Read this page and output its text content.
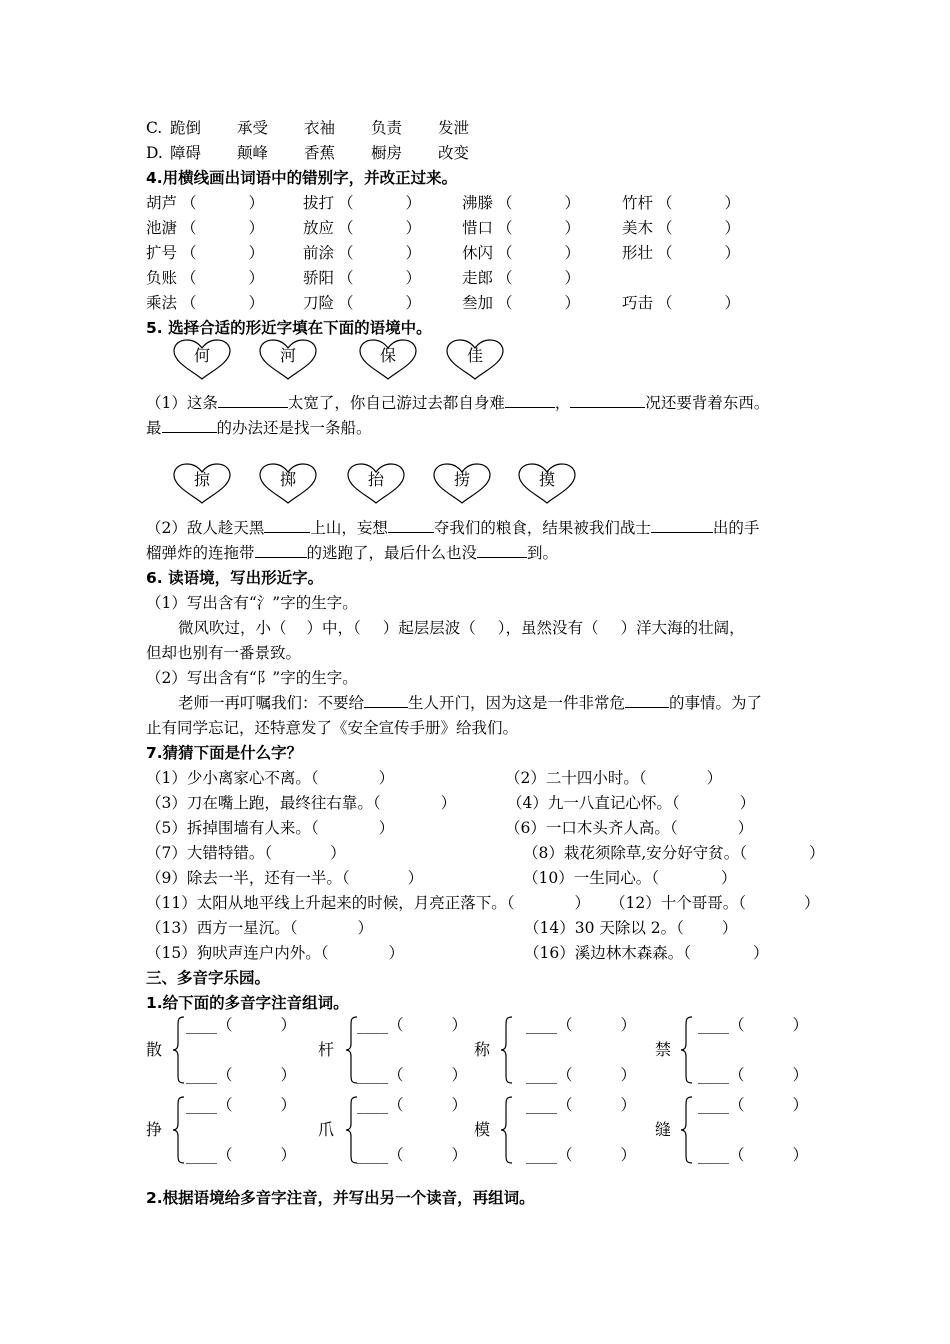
C. 跪倒 承受 衣袖 负责 发泄
D. 障碍 颠峰 香蕉 橱房 改变
4.用横线画出词语中的错别字，并改正过来。
胡芦 （	）	拔打 （	）	沸滕 （	）	竹杆 （	）
池溏 （	）	放应 （	）	惜口 （	）	美木 （	）
扩号 （	）	前涂 （	）	休闪 （	）	形壮 （	）
负账 （	）	骄阳 （	）	走郎 （	）
乘法 （	）	刀险 （	）	叁加 （	）	巧击 （	）
5. 选择合适的形近字填在下面的语境中。
何	河	保	佳
（1）这条	太宽了，你自己游过去都自身难	，	况还要背着东西。
最	的办法还是找一条船。
掠	掷	抬	捞	摸
（2）敌人趁天黑	上山，妄想	夺我们的粮食，结果被我们战士	出的手
榴弹炸的连拖带	的逃跑了，最后什么也没	到。
6. 读语境，写出形近字。
（1）写出含有“氵”字的生字。
微风吹过，小（ ）中，（ ）起层层波（ ），虽然没有（ ）洋大海的壮阔，
但却也别有一番景致。
（2）写出含有“阝”字的生字。
老师一再叮嘱我们：不要给	生人开门，因为这是一件非常危	的事情。为了
止有同学忘记，还特意发了《安全宣传手册》给我们。
7.猜猜下面是什么字？
（1）少小离家心不离。（	）	（2）二十四小时。（	）
（3）刀在嘴上跑，最终往右靠。（	）	（4）九一八直记心怀。（	）
（5）拆掉围墙有人来。（	）	（6）一口木头齐人高。（	）
（7）大错特错。（	）	（8）栽花须除草,安分好守贫。（	）
（9）除去一半，还有一半。（	）	（10）一生同心。（	）
（11）太阳从地平线上升起来的时候，月亮正落下。（	） （12）十个哥哥。（	）
（13）西方一星沉。（	）	（14）30 天除以 2。（ ）
（15）狗吠声连户内外。（	）	（16）溪边林木森森。（	）
三、多音字乐园。
1.给下面的多音字注音组词。
散
____（	）
____（	）
杆
____（	）
____（	）
称
____（	）
____（	）
禁
____（	）
____（	）
挣
____（	）
____（	）
爪
____（	）
____（	）
模
____（	）
____（	）
缝
____（	）
____（	）
2.根据语境给多音字注音，并写出另一个读音，再组词。
